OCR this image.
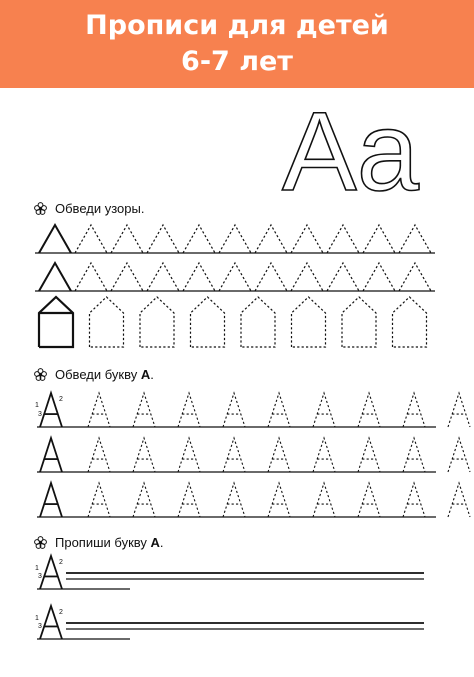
Прописи для детей
6-7 лет
Aa
1
2
3
1
2
3
1
2
3
Обведи узоры.
Обведи букву А.
Пропиши букву А.
